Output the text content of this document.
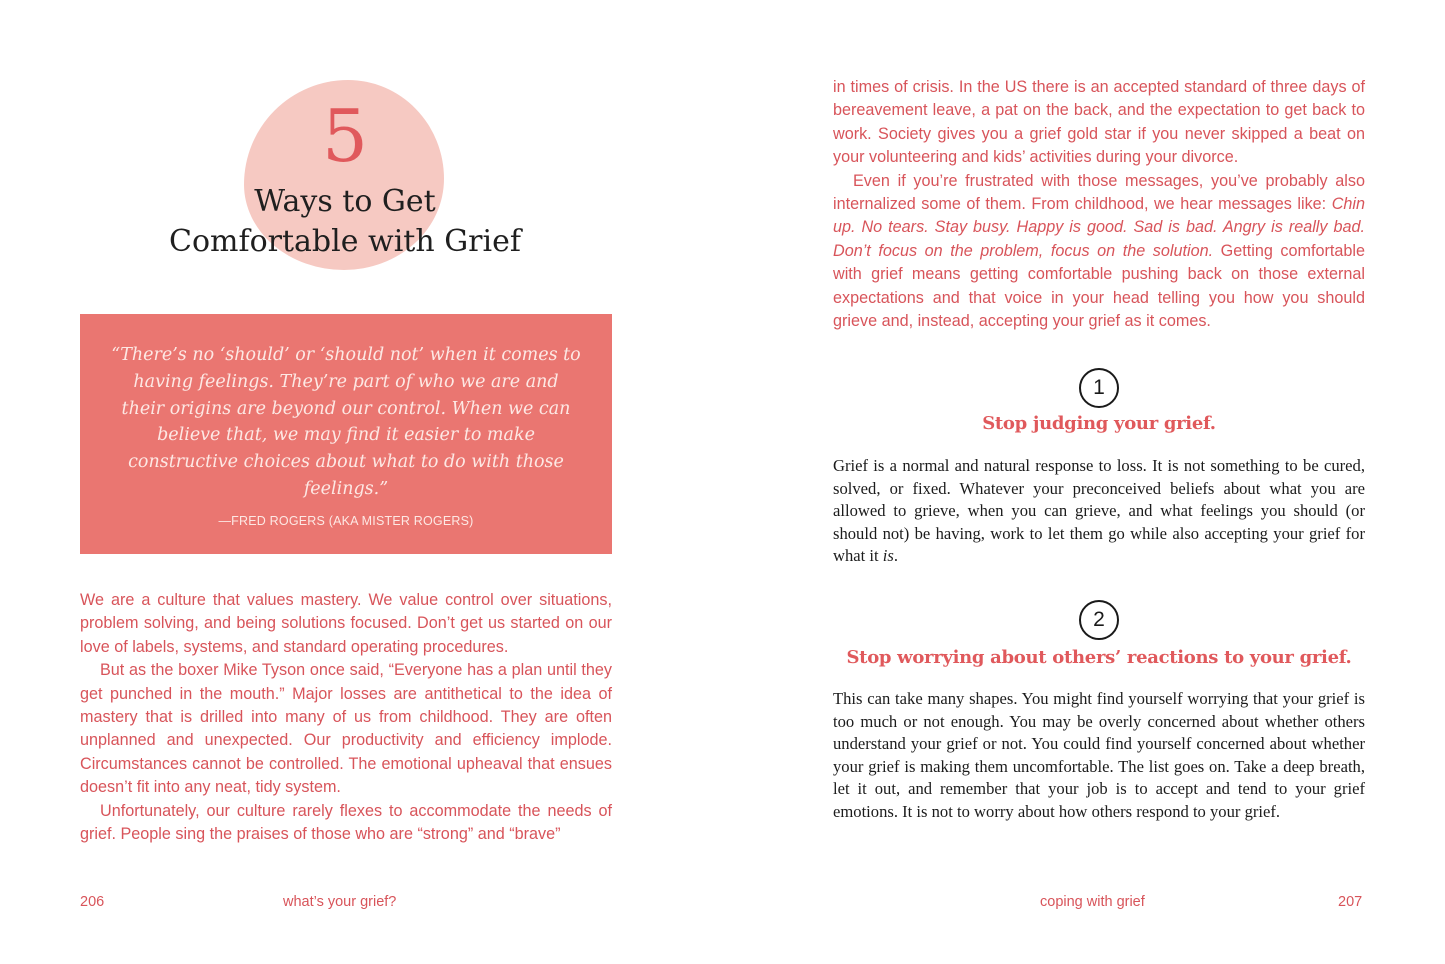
5
Ways to Get
Comfortable with Grief
“There’s no ‘should’ or ‘should not’ when it comes to having feelings. They’re part of who we are and their origins are beyond our control. When we can believe that, we may find it easier to make constructive choices about what to do with those feelings.”
—FRED ROGERS (AKA MISTER ROGERS)

We are a culture that values mastery. We value control over situations, problem solving, and being solutions focused. Don’t get us started on our love of labels, systems, and standard operating procedures.

But as the boxer Mike Tyson once said, “Everyone has a plan until they get punched in the mouth.” Major losses are antithetical to the idea of mastery that is drilled into many of us from childhood. They are often unplanned and unexpected. Our productivity and efficiency implode. Circumstances cannot be controlled. The emotional upheaval that ensues doesn’t fit into any neat, tidy system.

Unfortunately, our culture rarely flexes to accommodate the needs of grief. People sing the praises of those who are “strong” and “brave”

206	what’s your grief?

in times of crisis. In the US there is an accepted standard of three days of bereavement leave, a pat on the back, and the expectation to get back to work. Society gives you a grief gold star if you never skipped a beat on your volunteering and kids’ activities during your divorce.

Even if you’re frustrated with those messages, you’ve probably also internalized some of them. From childhood, we hear messages like: Chin up. No tears. Stay busy. Happy is good. Sad is bad. Angry is really bad. Don’t focus on the problem, focus on the solution. Getting comfortable with grief means getting comfortable pushing back on those external expectations and that voice in your head telling you how you should grieve and, instead, accepting your grief as it comes.

1
Stop judging your grief.
Grief is a normal and natural response to loss. It is not something to be cured, solved, or fixed. Whatever your preconceived beliefs about what you are allowed to grieve, when you can grieve, and what feelings you should (or should not) be having, work to let them go while also accepting your grief for what it is.
2
Stop worrying about others’ reactions to your grief.
This can take many shapes. You might find yourself worrying that your grief is too much or not enough. You may be overly concerned about whether others understand your grief or not. You could find yourself concerned about whether your grief is making them uncomfortable. The list goes on. Take a deep breath, let it out, and remember that your job is to accept and tend to your grief emotions. It is not to worry about how others respond to your grief.
coping with grief	207
